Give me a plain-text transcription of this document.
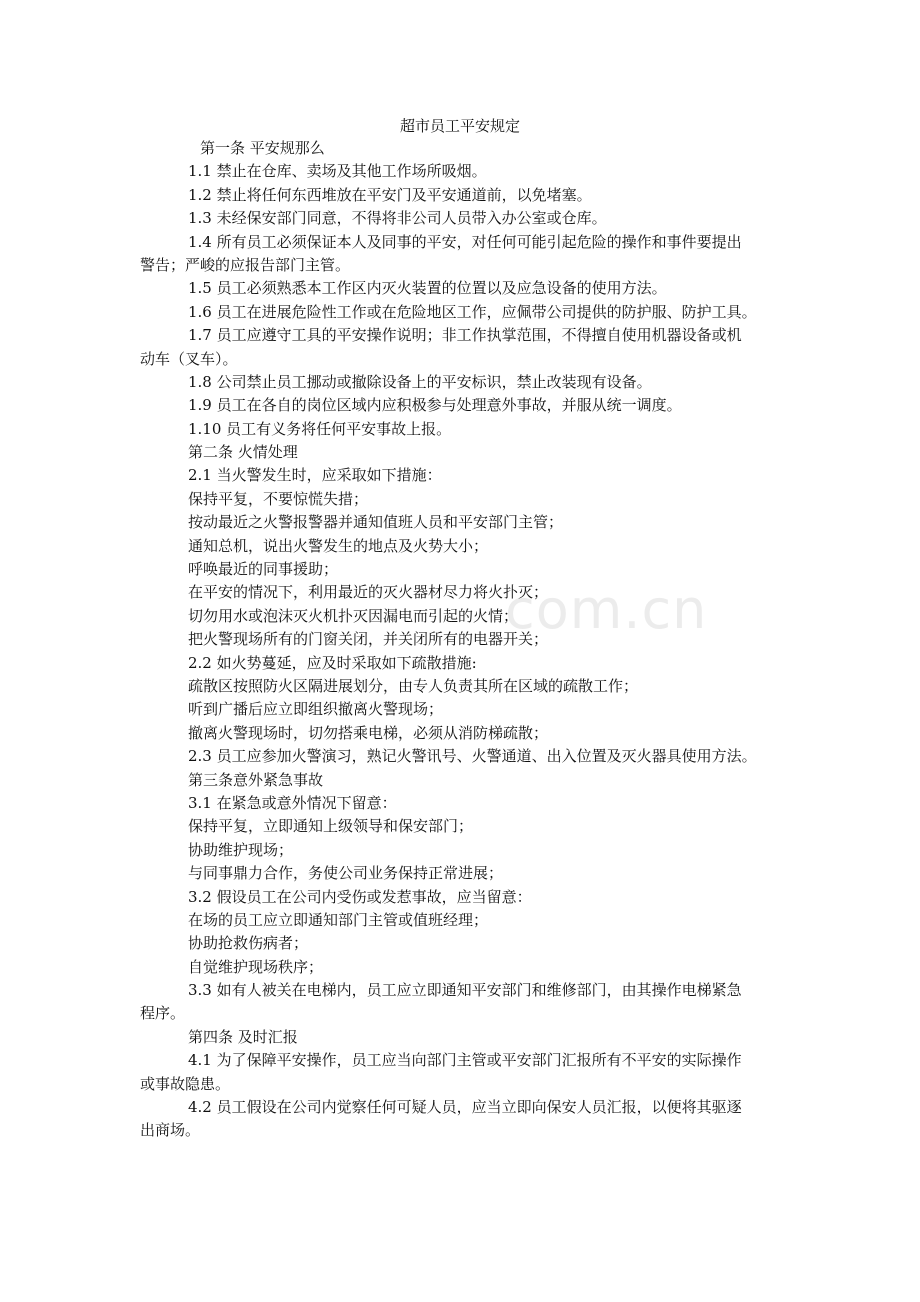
超市员工平安规定
第一条 平安规那么
1.1 禁止在仓库、卖场及其他工作场所吸烟。
1.2 禁止将任何东西堆放在平安门及平安通道前，以免堵塞。
1.3 未经保安部门同意，不得将非公司人员带入办公室或仓库。
1.4 所有员工必须保证本人及同事的平安，对任何可能引起危险的操作和事件要提出
警告；严峻的应报告部门主管。
1.5 员工必须熟悉本工作区内灭火装置的位置以及应急设备的使用方法。
1.6 员工在进展危险性工作或在危险地区工作，应佩带公司提供的防护服、防护工具。
1.7 员工应遵守工具的平安操作说明；非工作执掌范围，不得擅自使用机器设备或机
动车（叉车）。
1.8 公司禁止员工挪动或撤除设备上的平安标识，禁止改装现有设备。
1.9 员工在各自的岗位区域内应积极参与处理意外事故，并服从统一调度。
1.10 员工有义务将任何平安事故上报。
第二条 火情处理
2.1 当火警发生时，应采取如下措施：
保持平复，不要惊慌失措；
按动最近之火警报警器并通知值班人员和平安部门主管；
通知总机，说出火警发生的地点及火势大小；
呼唤最近的同事援助；
在平安的情况下，利用最近的灭火器材尽力将火扑灭；
切勿用水或泡沫灭火机扑灭因漏电而引起的火情；
把火警现场所有的门窗关闭，并关闭所有的电器开关；
2.2 如火势蔓延，应及时采取如下疏散措施:
疏散区按照防火区隔进展划分，由专人负责其所在区域的疏散工作；
听到广播后应立即组织撤离火警现场；
撤离火警现场时，切勿搭乘电梯，必须从消防梯疏散；
2.3 员工应参加火警演习，熟记火警讯号、火警通道、出入位置及灭火器具使用方法。
第三条意外紧急事故
3.1 在紧急或意外情况下留意：
保持平复，立即通知上级领导和保安部门；
协助维护现场；
与同事鼎力合作，务使公司业务保持正常进展；
3.2 假设员工在公司内受伤或发惹事故，应当留意：
在场的员工应立即通知部门主管或值班经理；
协助抢救伤病者；
自觉维护现场秩序；
3.3 如有人被关在电梯内，员工应立即通知平安部门和维修部门，由其操作电梯紧急
程序。
第四条 及时汇报
4.1 为了保障平安操作，员工应当向部门主管或平安部门汇报所有不平安的实际操作
或事故隐患。
4.2 员工假设在公司内觉察任何可疑人员，应当立即向保安人员汇报，以便将其驱逐
出商场。
com.cn
